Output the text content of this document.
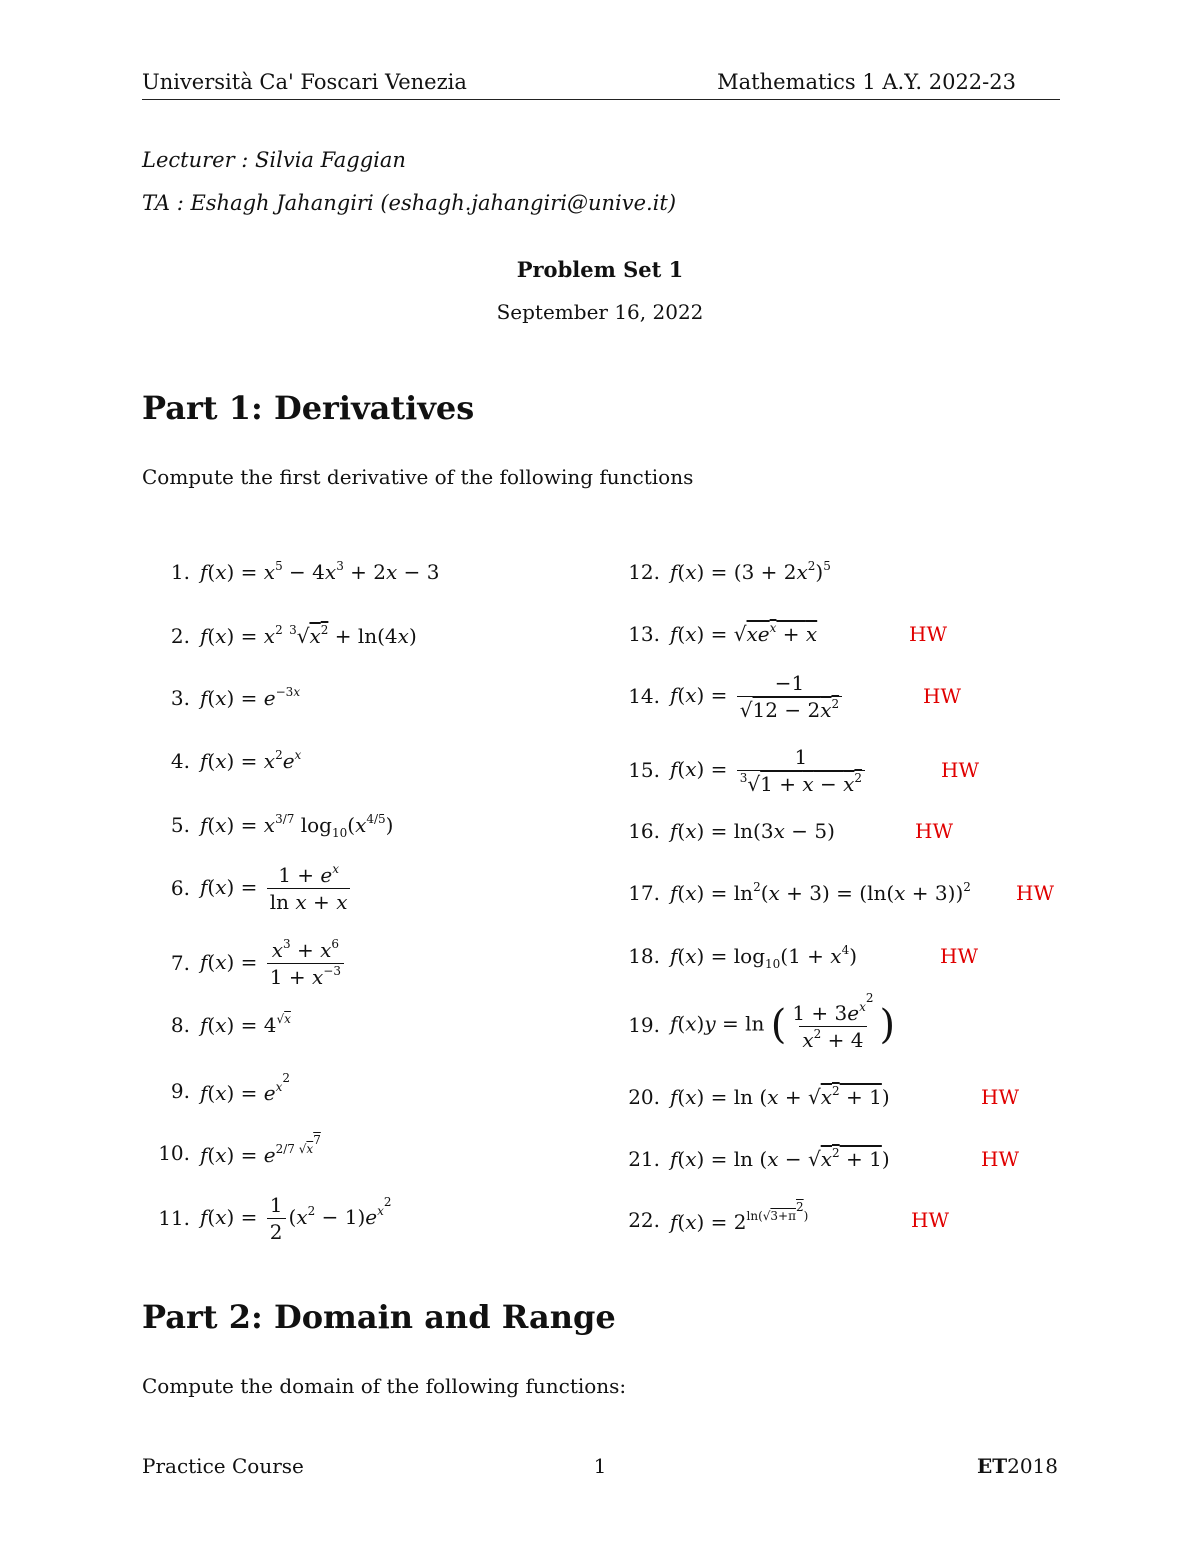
Università Ca' Foscari Venezia	Mathematics 1 A.Y. 2022-23
Lecturer : Silvia Faggian
TA : Eshagh Jahangiri (eshagh.jahangiri@unive.it)
Problem Set 1
September 16, 2022
Part 1: Derivatives
Compute the first derivative of the following functions
1. $f(x) = x^5 - 4x^3 + 2x - 3$
2. $f(x) = x^2$ $^3√x^2 + \ln(4x)$
3. $f(x) = e^{-3x}$
4. $f(x) = x^2e^x$
5. $f(x) = x^{3/7}$ $\log_{10}(x^{4/5})$
6. $f(x) = \frac{1 + e^x}{\text{ln x + x}}$
7. $f(x) = \frac{x^3 + x^6}{1 + x^{-3}}$
8. $f(x) = 4^{√x}$
9. $f(x) = e^{x^2}$
10. $f(x) = e^{2/7 √x^7}$
11. $f(x) = \frac{1}{2} (x^2 - 1)e^{x^2}$
12. $f(x) = (3 + 2x^2)^5$
13. $f(x) = √xe^x + x$	HW
14. $f(x) = \frac{-1}{√12 - 2x^2}$	HW
15. $f(x) = \frac{1}{^3√1 + x - x^2}$	HW
16. f(x) = ln(3x − 5)	HW
17. $f(x) = \ln^2(x + 3) = (\ln(x + 3))^2$ HW
18. $f(x) = \log_{10}(1 + x^4)$	HW
19. f(x)y = ln ( $\frac{1 + 3e^{x^2}}{x^2 + 4}$ )
20. $f(x) = \ln (x + √x^2 + 1)$	HW
21. $f(x) = \ln (x - √x^2 + 1)$	HW
22. $f(x) = 2^{ln(√3+\pi^2)}$	HW
Part 2: Domain and Range
Compute the domain of the following functions:
Practice Course	1	ET2018
